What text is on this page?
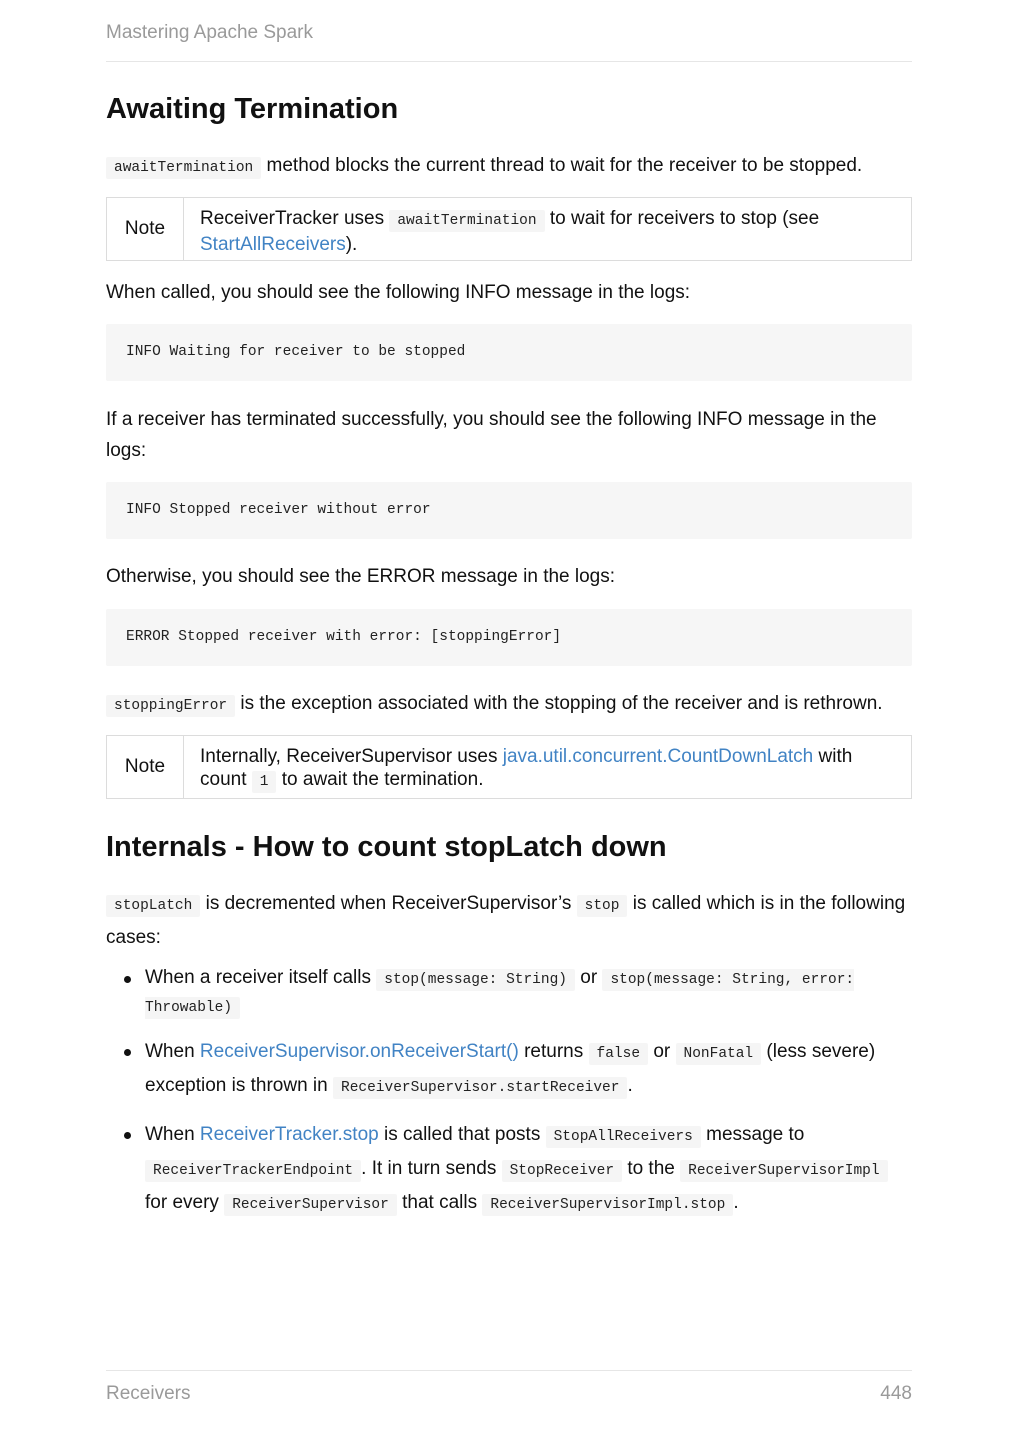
Mastering Apache Spark
Awaiting Termination

awaitTermination method blocks the current thread to wait for the receiver to be stopped.

Note	ReceiverTracker uses awaitTermination to wait for receivers to stop (see
StartAllReceivers).

When called, you should see the following INFO message in the logs:

INFO Waiting for receiver to be stopped

If a receiver has terminated successfully, you should see the following INFO message in the logs:

INFO Stopped receiver without error

Otherwise, you should see the ERROR message in the logs:

ERROR Stopped receiver with error: [stoppingError]

stoppingError is the exception associated with the stopping of the receiver and is rethrown.

Note	Internally, ReceiverSupervisor uses java.util.concurrent.CountDownLatch with count 1 to await the termination.
Internals - How to count stopLatch down

stopLatch is decremented when ReceiverSupervisor’s stop is called which is in the following cases:

When a receiver itself calls stop(message: String) or stop(message: String, error: Throwable)
When ReceiverSupervisor.onReceiverStart() returns false or NonFatal (less severe) exception is thrown in ReceiverSupervisor.startReceiver .
When ReceiverTracker.stop is called that posts StopAllReceivers message to ReceiverTrackerEndpoint . It in turn sends StopReceiver to the ReceiverSupervisorImpl for every ReceiverSupervisor that calls ReceiverSupervisorImpl.stop .
Receivers	448
